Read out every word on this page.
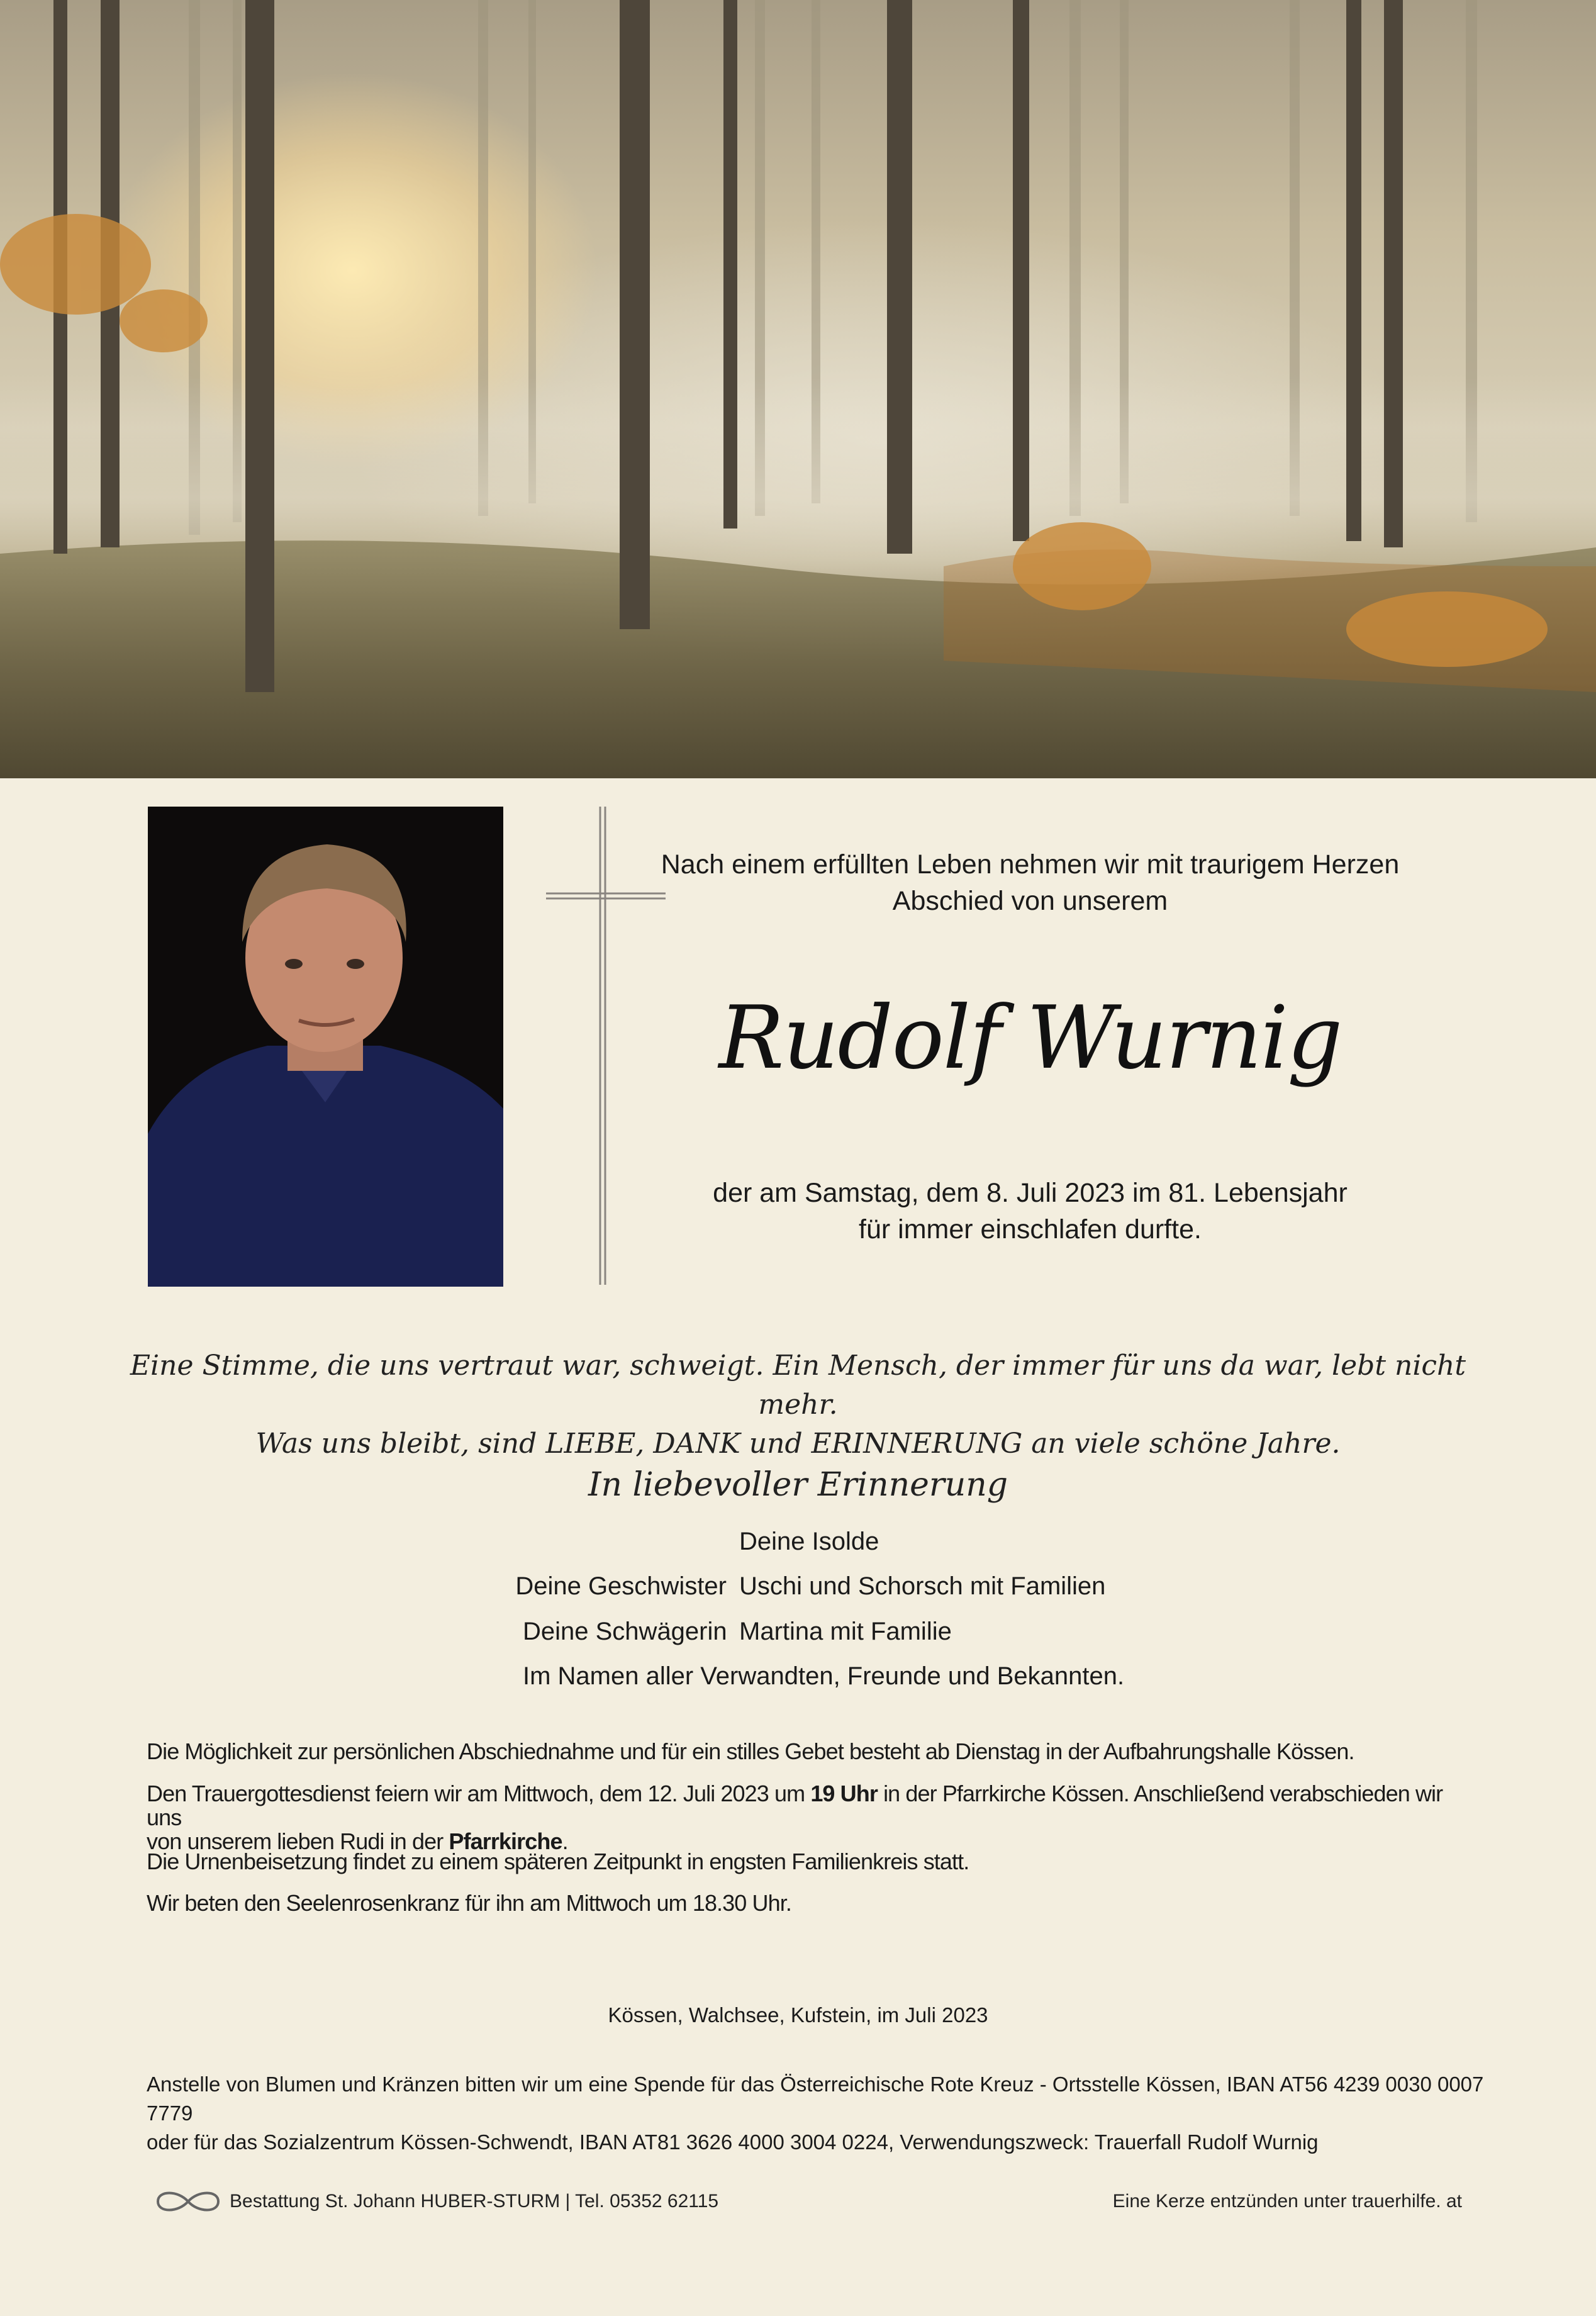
Nach einem erfüllten Leben nehmen wir mit traurigem Herzen
Abschied von unserem
Rudolf Wurnig
der am Samstag, dem 8. Juli 2023 im 81. Lebensjahr
für immer einschlafen durfte.
Eine Stimme, die uns vertraut war, schweigt. Ein Mensch, der immer für uns da war, lebt nicht mehr.
Was uns bleibt, sind LIEBE, DANK und ERINNERUNG an viele schöne Jahre.
In liebevoller Erinnerung
Deine Isolde
Deine Geschwister Uschi und Schorsch mit Familien
Deine Schwägerin Martina mit Familie
Im Namen aller Verwandten, Freunde und Bekannten.
Die Möglichkeit zur persönlichen Abschiednahme und für ein stilles Gebet besteht ab Dienstag in der Aufbahrungshalle Kössen.
Den Trauergottesdienst feiern wir am Mittwoch, dem 12. Juli 2023 um 19 Uhr in der Pfarrkirche Kössen. Anschließend verabschieden wir uns
von unserem lieben Rudi in der Pfarrkirche.
Die Urnenbeisetzung findet zu einem späteren Zeitpunkt in engsten Familienkreis statt.
Wir beten den Seelenrosenkranz für ihn am Mittwoch um 18.30 Uhr.
Kössen, Walchsee, Kufstein, im Juli 2023
Anstelle von Blumen und Kränzen bitten wir um eine Spende für das Österreichische Rote Kreuz - Ortsstelle Kössen, IBAN AT56 4239 0030 0007 7779
oder für das Sozialzentrum Kössen-Schwendt, IBAN AT81 3626 4000 3004 0224, Verwendungszweck: Trauerfall Rudolf Wurnig
Bestattung St. Johann HUBER-STURM | Tel. 05352 62115	Eine Kerze entzünden unter trauerhilfe. at
